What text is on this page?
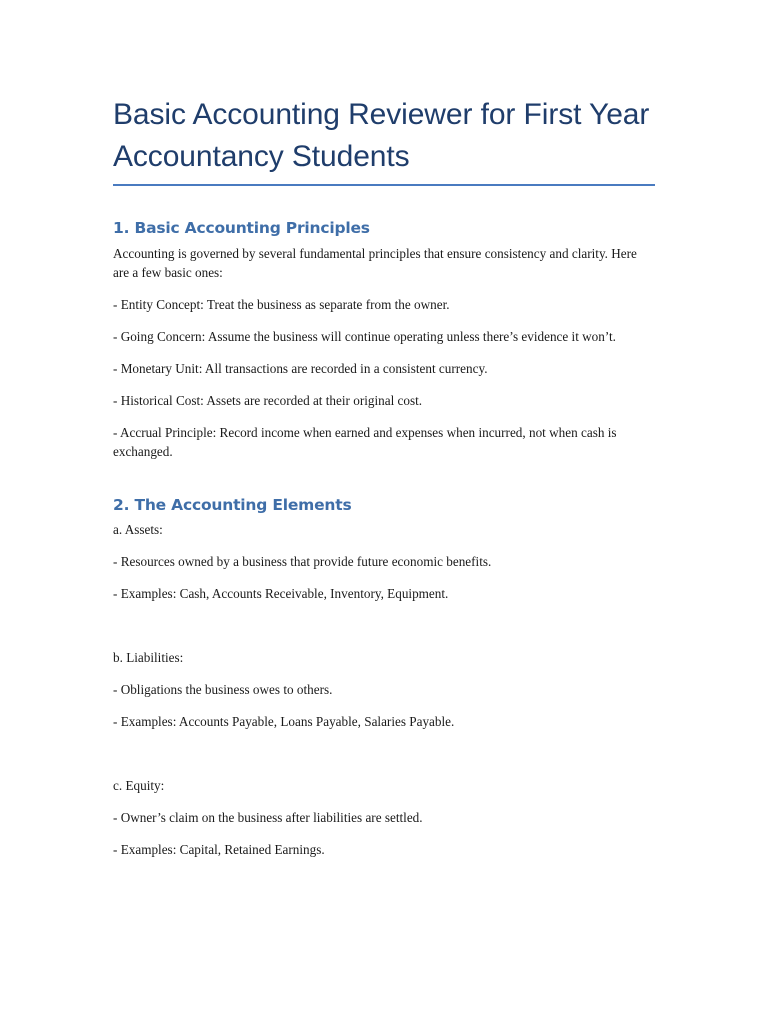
Basic Accounting Reviewer for First Year Accountancy Students
1. Basic Accounting Principles

Accounting is governed by several fundamental principles that ensure consistency and clarity. Here are a few basic ones:

- Entity Concept: Treat the business as separate from the owner.

- Going Concern: Assume the business will continue operating unless there’s evidence it won’t.

- Monetary Unit: All transactions are recorded in a consistent currency.

- Historical Cost: Assets are recorded at their original cost.

- Accrual Principle: Record income when earned and expenses when incurred, not when cash is exchanged.

2. The Accounting Elements

a. Assets:

- Resources owned by a business that provide future economic benefits.

- Examples: Cash, Accounts Receivable, Inventory, Equipment.

b. Liabilities:

- Obligations the business owes to others.

- Examples: Accounts Payable, Loans Payable, Salaries Payable.

c. Equity:

- Owner’s claim on the business after liabilities are settled.

- Examples: Capital, Retained Earnings.
